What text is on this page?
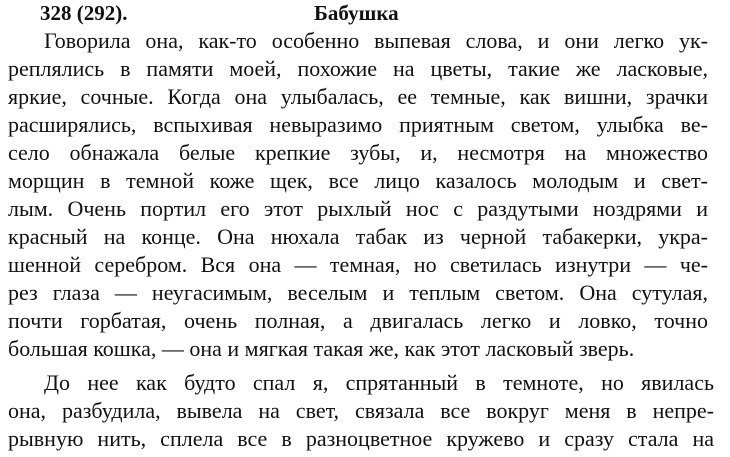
328 (292).	Бабушка
Говорила она, как-то особенно выпевая слова, и они легко ук-
реплялись в памяти моей, похожие на цветы, такие же ласковые,
яркие, сочные. Когда она улыбалась, ее темные, как вишни, зрачки
расширялись, вспыхивая невыразимо приятным светом, улыбка ве-
село обнажала белые крепкие зубы, и, несмотря на множество
морщин в темной коже щек, все лицо казалось молодым и свет-
лым. Очень портил его этот рыхлый нос с раздутыми ноздрями и
красный на конце. Она нюхала табак из черной табакерки, укра-
шенной серебром. Вся она — темная, но светилась изнутри — че-
рез глаза — неугасимым, веселым и теплым светом. Она сутулая,
почти горбатая, очень полная, а двигалась легко и ловко, точно
большая кошка, — она и мягкая такая же, как этот ласковый зверь.
До нее как будто спал я, спрятанный в темноте, но явилась
она, разбудила, вывела на свет, связала все вокруг меня в непре-
рывную нить, сплела все в разноцветное кружево и сразу стала на
